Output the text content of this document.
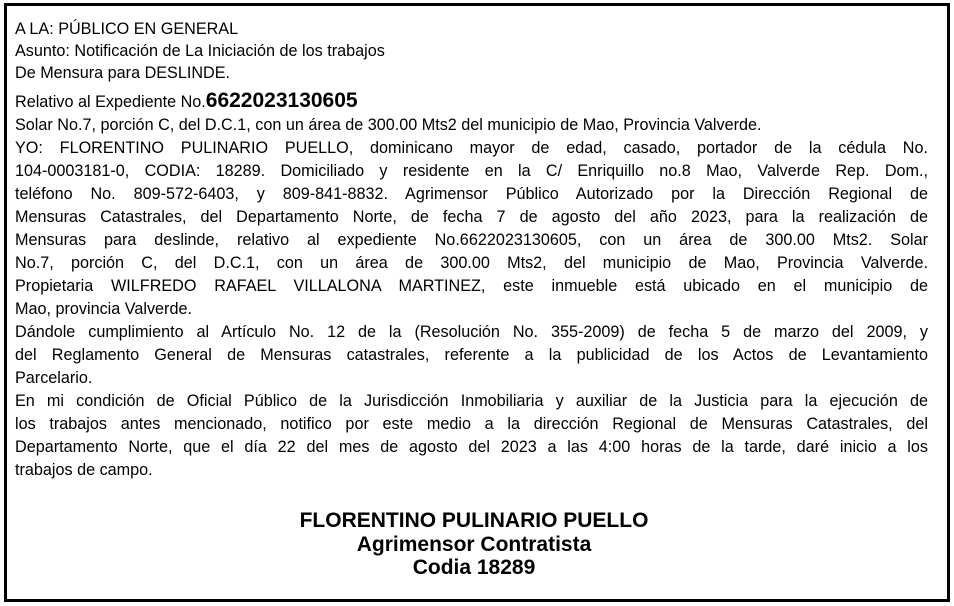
A LA: PÚBLICO EN GENERAL
Asunto: Notificación de La Iniciación de los trabajos
De Mensura para DESLINDE.
Relativo al Expediente No.6622023130605
Solar No.7, porción C, del D.C.1, con un área de 300.00 Mts2 del municipio de Mao, Provincia Valverde.
YO: FLORENTINO PULINARIO PUELLO, dominicano mayor de edad, casado, portador de la cédula No.
104-0003181-0, CODIA: 18289. Domiciliado y residente en la C/ Enriquillo no.8 Mao, Valverde Rep. Dom.,
teléfono No. 809-572-6403, y 809-841-8832. Agrimensor Público Autorizado por la Dirección Regional de
Mensuras Catastrales, del Departamento Norte, de fecha 7 de agosto del año 2023, para la realización de
Mensuras para deslinde, relativo al expediente No.6622023130605, con un área de 300.00 Mts2. Solar
No.7, porción C, del D.C.1, con un área de 300.00 Mts2, del municipio de Mao, Provincia Valverde.
Propietaria WILFREDO RAFAEL VILLALONA MARTINEZ, este inmueble está ubicado en el municipio de
Mao, provincia Valverde.
Dándole cumplimiento al Artículo No. 12 de la (Resolución No. 355-2009) de fecha 5 de marzo del 2009, y
del Reglamento General de Mensuras catastrales, referente a la publicidad de los Actos de Levantamiento
Parcelario.
En mi condición de Oficial Público de la Jurisdicción Inmobiliaria y auxiliar de la Justicia para la ejecución de
los trabajos antes mencionado, notifico por este medio a la dirección Regional de Mensuras Catastrales, del
Departamento Norte, que el día 22 del mes de agosto del 2023 a las 4:00 horas de la tarde, daré inicio a los
trabajos de campo.
FLORENTINO PULINARIO PUELLO
Agrimensor Contratista
Codia 18289
